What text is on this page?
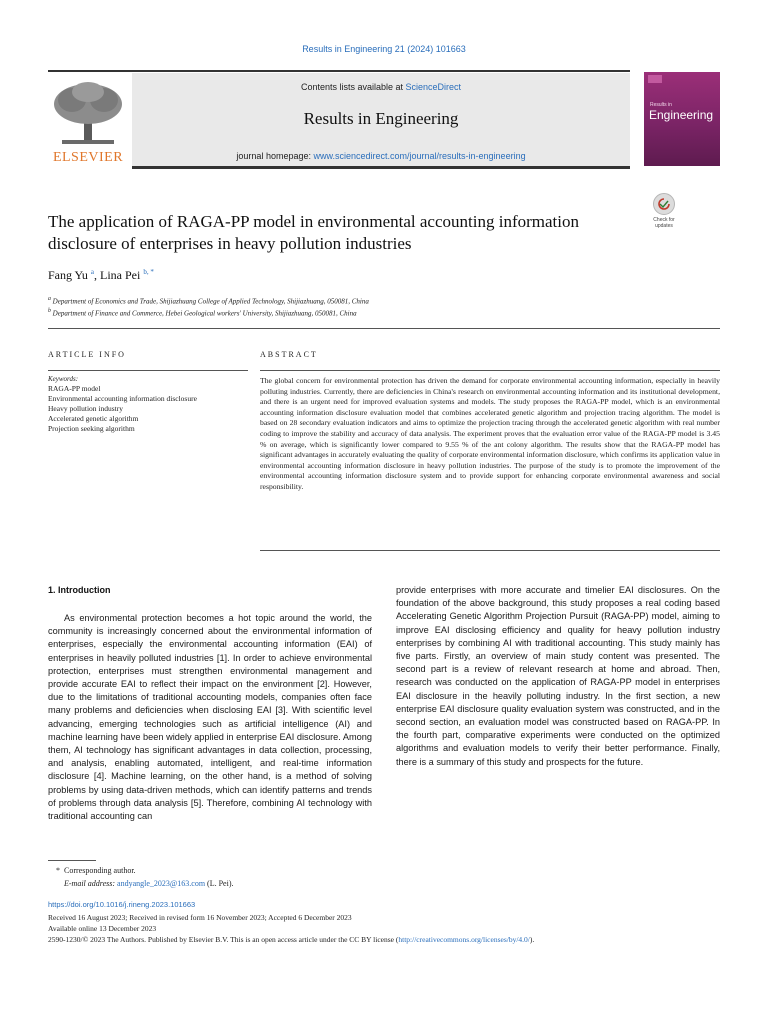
Results in Engineering 21 (2024) 101663
ELSEVIER
Contents lists available at ScienceDirect
Results in Engineering
journal homepage: www.sciencedirect.com/journal/results-in-engineering
Results in
Engineering
Check for
updates
The application of RAGA-PP model in environmental accounting information disclosure of enterprises in heavy pollution industries
Fang Yu $^a$, Lina Pei $^{b, *}$
$^a$ Department of Economics and Trade, Shijiazhuang College of Applied Technology, Shijiazhuang, 050081, China
$^b$ Department of Finance and Commerce, Hebei Geological workers' University, Shijiazhuang, 050081, China
ARTICLE INFO	ABSTRACT
Keywords:
RAGA-PP model
Environmental accounting information disclosure
Heavy pollution industry
Accelerated genetic algorithm
Projection seeking algorithm
The global concern for environmental protection has driven the demand for corporate environmental accounting information, especially in heavily polluting industries. Currently, there are deficiencies in China's research on environmental accounting information and its institutional development, and there is an urgent need for improved evaluation systems and models. The study proposes the RAGA-PP model, which is an environmental accounting information disclosure evaluation model that combines accelerated genetic algorithm and projection tracing algorithm. The model is based on 28 secondary evaluation indicators and aims to optimize the projection tracing through the accelerated genetic algorithm with real number coding to improve the stability and accuracy of data analysis. The experiment proves that the evaluation error value of the RAGA-PP model is 3.45 % on average, which is significantly lower compared to 9.55 % of the ant colony algorithm. The results show that the RAGA-PP model has significant advantages in accurately evaluating the quality of corporate environmental information disclosure, which confirms its application value in environmental accounting information disclosure in heavy pollution industries. The purpose of the study is to promote the improvement of the environmental accounting information disclosure system and to provide support for enhancing corporate environmental awareness and social responsibility.
1. Introduction
As environmental protection becomes a hot topic around the world, the community is increasingly concerned about the environmental information of enterprises, especially the environmental accounting information (EAI) of enterprises in heavily polluted industries [1]. In order to achieve environmental protection, enterprises must strengthen environmental management and provide accurate EAI to reflect their impact on the environment [2]. However, due to the limitations of traditional accounting models, companies often face many problems and deficiencies when disclosing EAI [3]. With scientific level advancing, emerging technologies such as artificial intelligence (AI) and machine learning have been widely applied in enterprise EAI disclosure. Among them, AI technology has significant advantages in data collection, processing, and analysis, enabling automated, intelligent, and real-time information disclosure [4]. Machine learning, on the other hand, is a method of solving problems by using data-driven methods, which can identify patterns and trends of problems through data analysis [5]. Therefore, combining AI technology with traditional accounting can
provide enterprises with more accurate and timelier EAI disclosures. On the foundation of the above background, this study proposes a real coding based Accelerating Genetic Algorithm Projection Pursuit (RAGA-PP) model, aiming to improve EAI disclosing efficiency and quality for heavy pollution industry enterprises by combining AI with traditional accounting. This study mainly has five parts. Firstly, an overview of main study content was presented. The second part is a review of relevant research at home and abroad. Then, research was conducted on the application of RAGA-PP model in enterprises EAI disclosure in the heavily polluting industry. In the first section, a new enterprise EAI disclosure quality evaluation system was constructed, and in the second section, an evaluation model was constructed based on RAGA-PP. In the fourth part, comparative experiments were conducted on the optimized algorithms and evaluation models to verify their better performance. Finally, there is a summary of this study and prospects for the future.
* Corresponding author.
E-mail address: andyangle_2023@163.com (L. Pei).
https://doi.org/10.1016/j.rineng.2023.101663
Received 16 August 2023; Received in revised form 16 November 2023; Accepted 6 December 2023
Available online 13 December 2023
2590-1230/© 2023 The Authors. Published by Elsevier B.V. This is an open access article under the CC BY license (http://creativecommons.org/licenses/by/4.0/).
